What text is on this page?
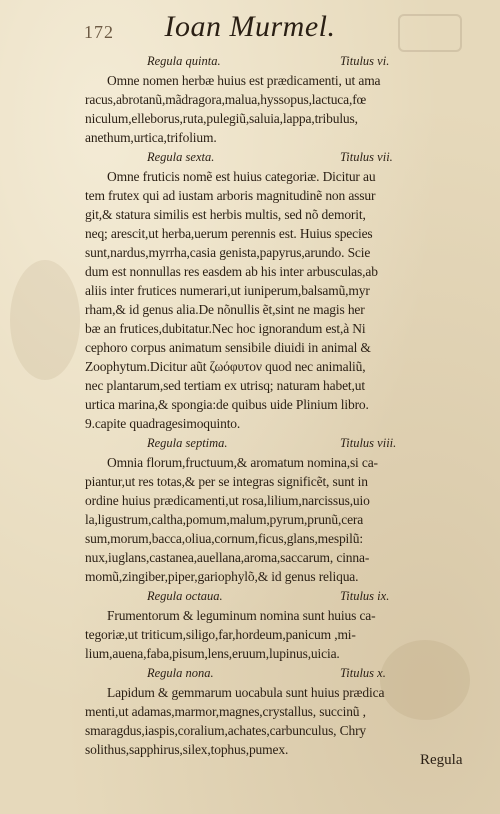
172	Ioan Murmel.
Regula quinta.	Titulus vi.
Omne nomen herbæ huius est prædicamenti, ut ama
racus,abrotanũ,mãdragora,malua,hyssopus,lactuca,fœ
niculum,elleborus,ruta,pulegiũ,saluia,lappa,tribulus,
anethum,urtica,trifolium.
Regula sexta.	Titulus vii.
Omne fruticis nomẽ est huius categoriæ. Dicitur au
tem frutex qui ad iustam arboris magnitudinẽ non assur
git,& statura similis est herbis multis, sed nõ demorit,
neq; arescit,ut herba,uerum perennis est. Huius species
sunt,nardus,myrrha,casia genista,papyrus,arundo. Scie
dum est nonnullas res easdem ab his inter arbusculas,ab
aliis inter frutices numerari,ut iuniperum,balsamũ,myr
rham,& id genus alia.De nõnullis ẽt,sint ne magis her
bæ an frutices,dubitatur.Nec hoc ignorandum est,à Ni
cephoro corpus animatum sensibile diuidi in animal &
Zoophytum.Dicitur aũt ζωόφυτον quod nec animaliũ,
nec plantarum,sed tertiam ex utrisq; naturam habet,ut
urtica marina,& spongia:de quibus uide Plinium libro.
9.capite quadragesimoquinto.
Regula septima.	Titulus viii.
Omnia florum,fructuum,& aromatum nomina,si ca-
piantur,ut res totas,& per se integras significẽt, sunt in
ordine huius prædicamenti,ut rosa,lilium,narcissus,uio
la,ligustrum,caltha,pomum,malum,pyrum,prunũ,cera
sum,morum,bacca,oliua,cornum,ficus,glans,mespilũ:
nux,iuglans,castanea,auellana,aroma,saccarum, cinna-
momũ,zingiber,piper,gariophylõ,& id genus reliqua.
Regula octaua.	Titulus ix.
Frumentorum & leguminum nomina sunt huius ca-
tegoriæ,ut triticum,siligo,far,hordeum,panicum ,mi-
lium,auena,faba,pisum,lens,eruum,lupinus,uicia.
Regula nona.	Titulus x.
Lapidum & gemmarum uocabula sunt huius prædica
menti,ut adamas,marmor,magnes,crystallus, succinũ ,
smaragdus,iaspis,coralium,achates,carbunculus, Chry
solithus,sapphirus,silex,tophus,pumex.
Regula
